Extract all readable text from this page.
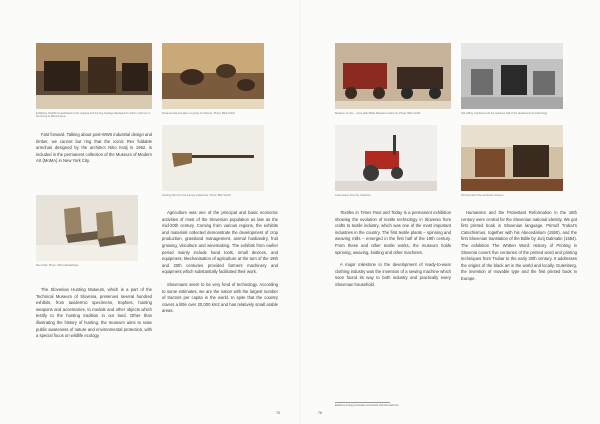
Exhibition Schöffel is dedicated to the regional and hunting heritage displayed to visitors, who live in the Dunaj of Ribnica area.
Diorama with animals in a group of chamois. Photo: Blaž Verbič

Fast forward. Talking about post-WWII industrial design and timber, we cannot but ring that the iconic Rex foldable armchair designed by the architect Niko Kralj in 1952, is included in the permanent collection of the Museum of Modern Art (MoMA) in New York City.

Rex Chair. Photo: Viktor Sandanbyar.

The Slovenian Hunting Museum, which is a part of the Technical Museum of Slovenia, preserves several hundred exhibits, from taxidermic specimens, trophies, hunting weapons and accessories, to medals and other objects which testify to the hunting tradition in our land. Other than illustrating the history of hunting, the museum aims to raise public awareness of nature and environmental protection, with a special focus on wildlife ecology.

Hunting rifle from the hunting collections. Photo: Blaž Verbič

Agriculture was one of the principal and basic economic activities of most of the Slovenian population as late as the mid-20th century. Coming from various regions, the exhibits and materials collected demonstrate the development of crop production, grassland management, animal husbandry, fruit growing, viticulture and winemaking. The exhibits from earlier period mainly include hand tools, small devices, and equipment. Mechanisation of agriculture at the turn of the 19th and 20th centuries provided farmers machinery and equipment which substantially facilitated their work.

Slovenians seem to be very fond of technology. According to some estimates, we are the nation with the largest number of tractors per capita in the world. In spite that the country covers a little over 20,000 km2 and has relatively small arable areas.

75
Museum of cars – carry-able Wilde Mascara model car. Photo: Blaž Verbič	Old milling machines and the spacious hall of the department of technology.
Lawnmower from the collection	Printing hall of the technical museum.

Textiles in Times Past and Today is a permanent exhibition showing the evolution of textile technology in Slovenia from crafts to textile industry, which was one of the most important industries in the country. The first textile plants – spinning and weaving mills – emerged in the first half of the 19th century. From these and other textile works, the museum holds spinning, weaving, knitting and other machines.

A major milestone in the development of ready-to-wear clothing industry was the invention of a sewing machine which soon found its way to both industry and practically every Slovenian household.

Humanism and the Protestant Reformation in the 16th century were central for the Slovenian national identity. We got first printed book in Slovenian language, Primož Trubar's Catechismus, together with his Abecedarium (1550), and the first Slovenian translation of the Bible by Jurij Dalmatin (1584). The exhibition The Written Word: History of Printing in Slovenia covers five centuries of the printed word and printing techniques from Trubar to the early 20th century. It addresses the origins of the black art in the world and locally, Gutenberg, the invention of movable type and the first printed book in Europe.

Earliest printing processes connected with the black art.
76
